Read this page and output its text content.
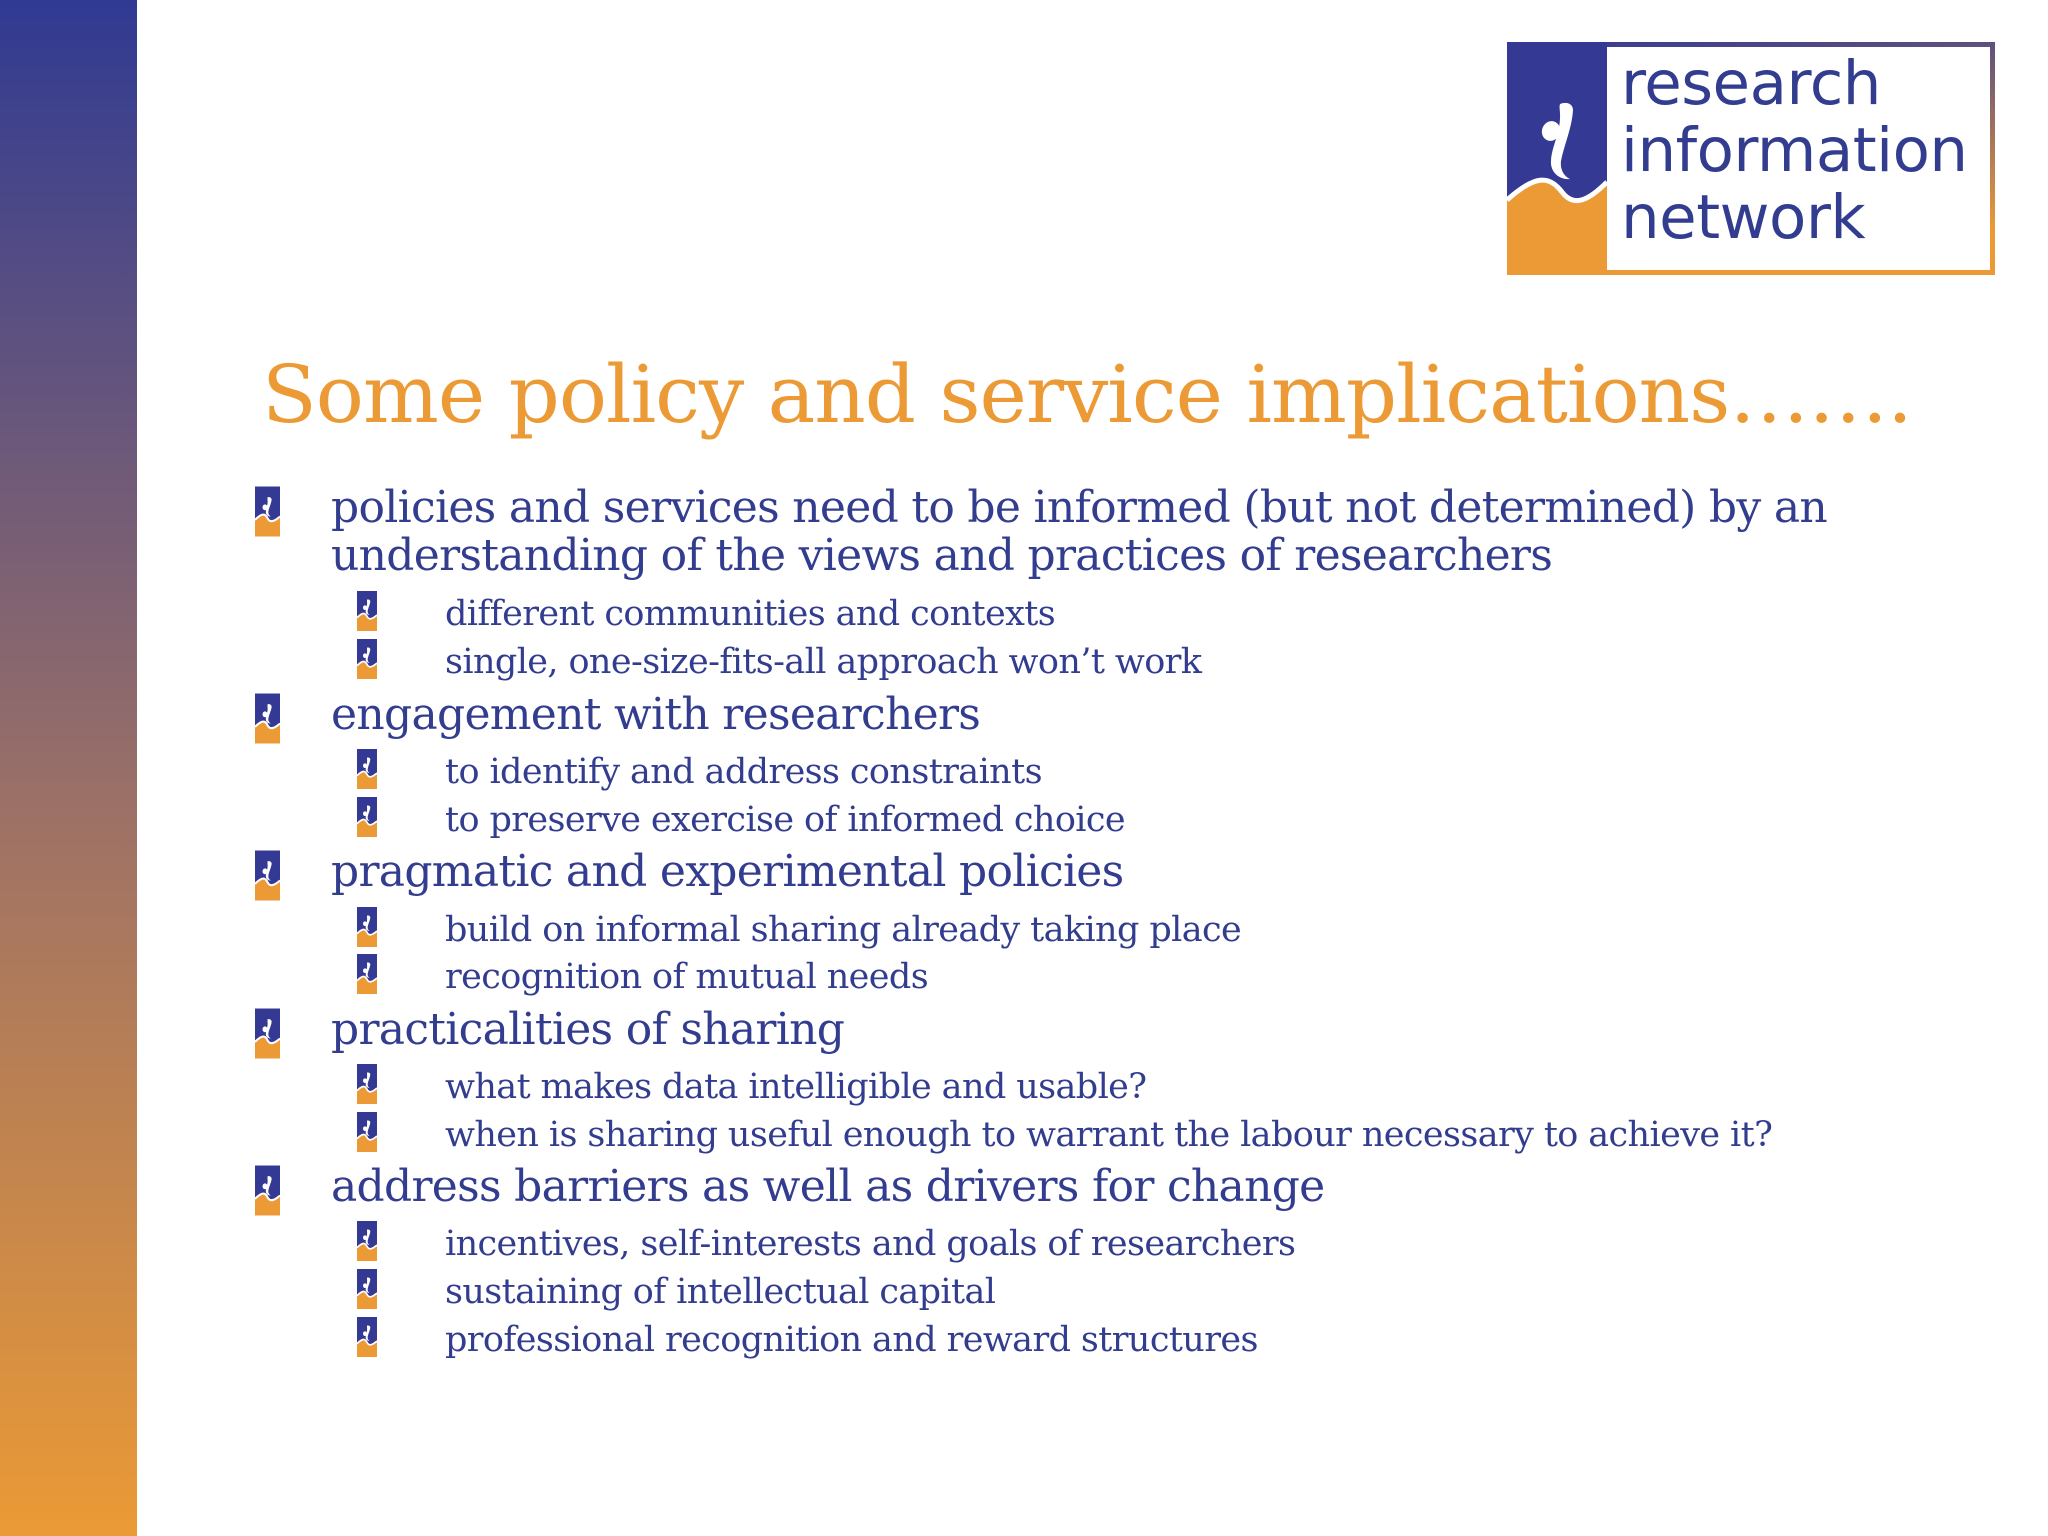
research
information
network
Some policy and service implications…….
policies and services need to be informed (but not determined) by an
understanding of the views and practices of researchers
different communities and contexts
single, one-size-fits-all approach won’t work
engagement with researchers
to identify and address constraints
to preserve exercise of informed choice
pragmatic and experimental policies
build on informal sharing already taking place
recognition of mutual needs
practicalities of sharing
what makes data intelligible and usable?
when is sharing useful enough to warrant the labour necessary to achieve it?
address barriers as well as drivers for change
incentives, self-interests and goals of researchers
sustaining of intellectual capital
professional recognition and reward structures
